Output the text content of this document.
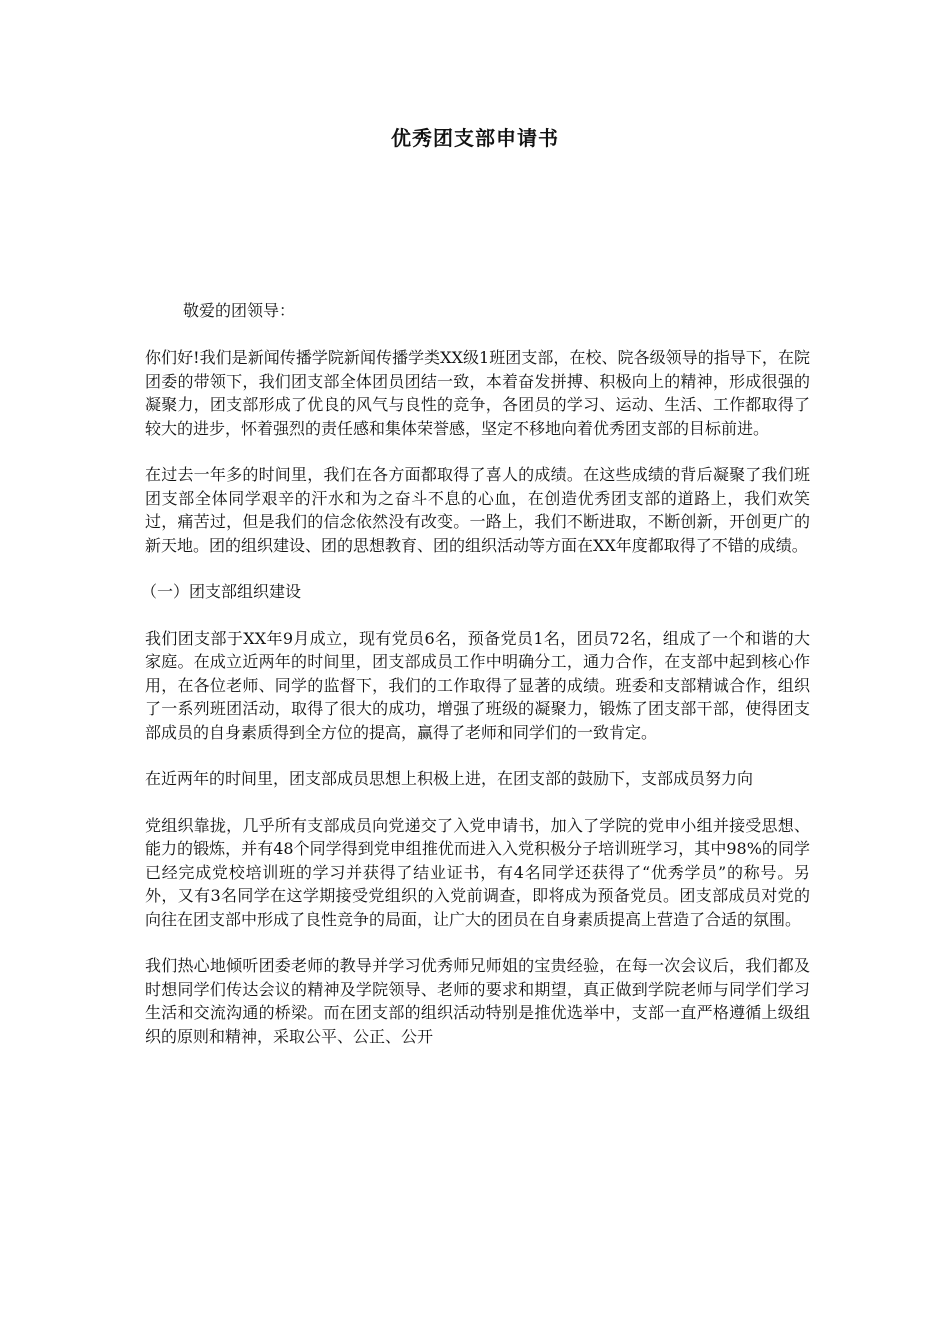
优秀团支部申请书
敬爱的团领导：

你们好!我们是新闻传播学院新闻传播学类XX级1班团支部，在校、院各级领导的指导下，在院团委的带领下，我们团支部全体团员团结一致，本着奋发拼搏、积极向上的精神，形成很强的凝聚力，团支部形成了优良的风气与良性的竞争，各团员的学习、运动、生活、工作都取得了较大的进步，怀着强烈的责任感和集体荣誉感，坚定不移地向着优秀团支部的目标前进。

在过去一年多的时间里，我们在各方面都取得了喜人的成绩。在这些成绩的背后凝聚了我们班团支部全体同学艰辛的汗水和为之奋斗不息的心血，在创造优秀团支部的道路上，我们欢笑过，痛苦过，但是我们的信念依然没有改变。一路上，我们不断进取，不断创新，开创更广的新天地。团的组织建设、团的思想教育、团的组织活动等方面在XX年度都取得了不错的成绩。

（一）团支部组织建设

我们团支部于XX年9月成立，现有党员6名，预备党员1名，团员72名，组成了一个和谐的大家庭。在成立近两年的时间里，团支部成员工作中明确分工，通力合作，在支部中起到核心作用，在各位老师、同学的监督下，我们的工作取得了显著的成绩。班委和支部精诚合作，组织了一系列班团活动，取得了很大的成功，增强了班级的凝聚力，锻炼了团支部干部，使得团支部成员的自身素质得到全方位的提高，赢得了老师和同学们的一致肯定。

在近两年的时间里，团支部成员思想上积极上进，在团支部的鼓励下，支部成员努力向

党组织靠拢，几乎所有支部成员向党递交了入党申请书，加入了学院的党申小组并接受思想、能力的锻炼，并有48个同学得到党申组推优而进入入党积极分子培训班学习，其中98%的同学已经完成党校培训班的学习并获得了结业证书，有4名同学还获得了“优秀学员”的称号。另外，又有3名同学在这学期接受党组织的入党前调查，即将成为预备党员。团支部成员对党的向往在团支部中形成了良性竞争的局面，让广大的团员在自身素质提高上营造了合适的氛围。

我们热心地倾听团委老师的教导并学习优秀师兄师姐的宝贵经验，在每一次会议后，我们都及时想同学们传达会议的精神及学院领导、老师的要求和期望，真正做到学院老师与同学们学习生活和交流沟通的桥梁。而在团支部的组织活动特别是推优选举中，支部一直严格遵循上级组织的原则和精神，采取公平、公正、公开
